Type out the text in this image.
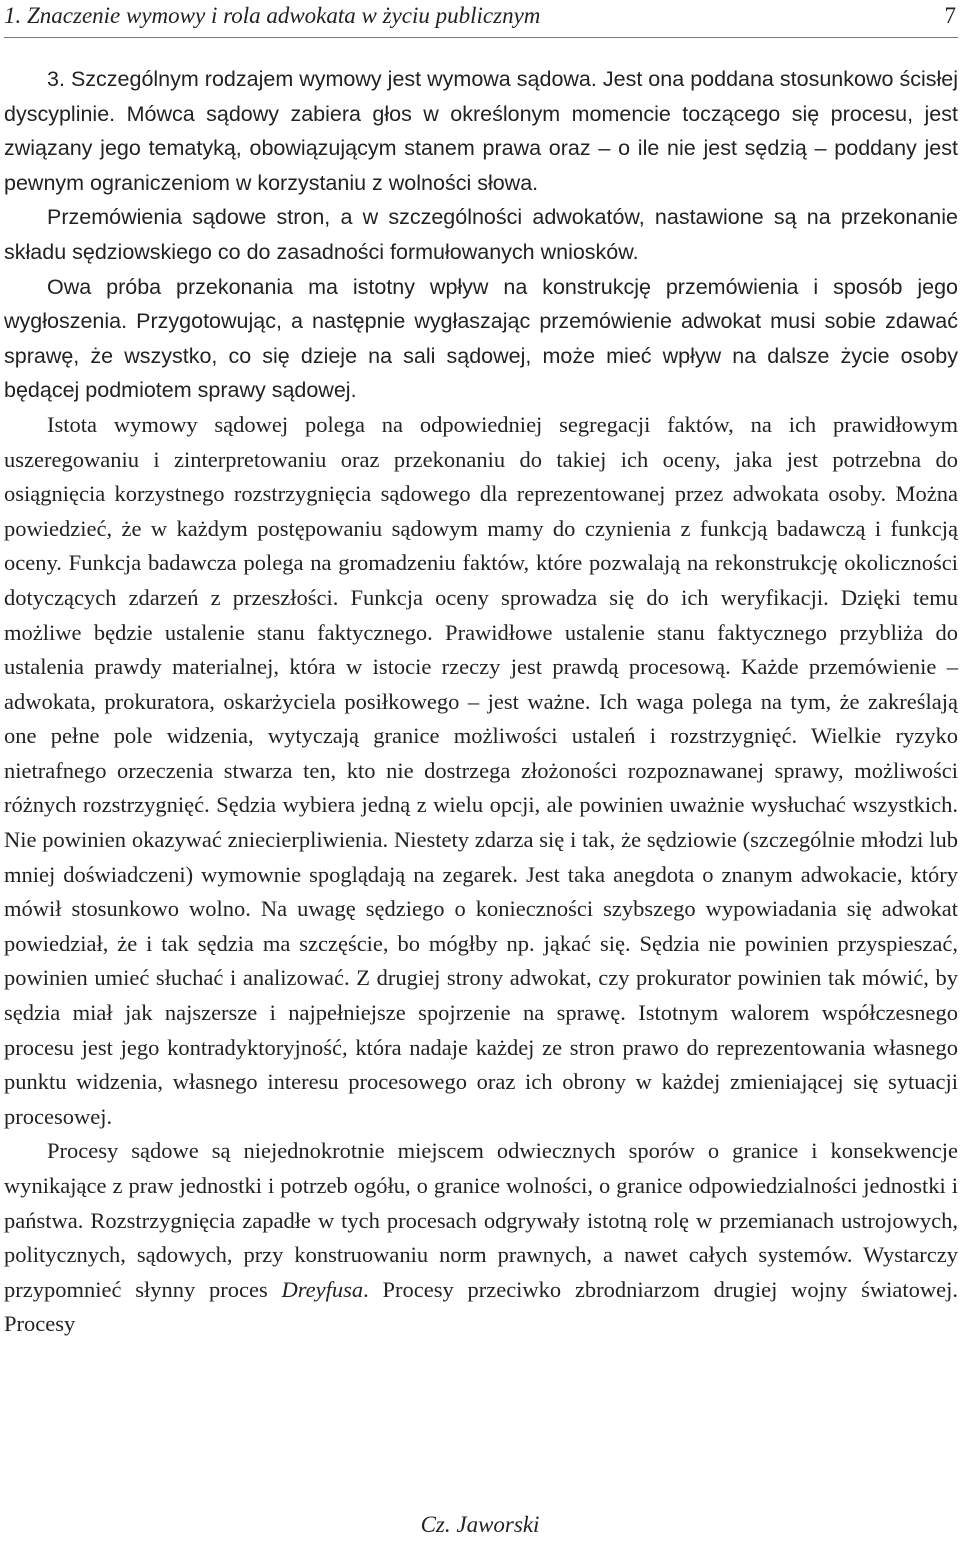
1. Znaczenie wymowy i rola adwokata w życiu publicznym	7

3. Szczególnym rodzajem wymowy jest wymowa sądowa. Jest ona poddana stosunkowo ścisłej dyscyplinie. Mówca sądowy zabiera głos w określonym momencie toczącego się procesu, jest związany jego tematyką, obowiązującym stanem prawa oraz – o ile nie jest sędzią – poddany jest pewnym ograniczeniom w korzystaniu z wolności słowa.

Przemówienia sądowe stron, a w szczególności adwokatów, nastawione są na przekonanie składu sędziowskiego co do zasadności formułowanych wniosków.

Owa próba przekonania ma istotny wpływ na konstrukcję przemówienia i sposób jego wygłoszenia. Przygotowując, a następnie wygłaszając przemówienie adwokat musi sobie zdawać sprawę, że wszystko, co się dzieje na sali sądowej, może mieć wpływ na dalsze życie osoby będącej podmiotem sprawy sądowej.

Istota wymowy sądowej polega na odpowiedniej segregacji faktów, na ich prawidłowym uszeregowaniu i zinterpretowaniu oraz przekonaniu do takiej ich oceny, jaka jest potrzebna do osiągnięcia korzystnego rozstrzygnięcia sądowego dla reprezentowanej przez adwokata osoby. Można powiedzieć, że w każdym postępowaniu sądowym mamy do czynienia z funkcją badawczą i funkcją oceny. Funkcja badawcza polega na gromadzeniu faktów, które pozwalają na rekonstrukcję okoliczności dotyczących zdarzeń z przeszłości. Funkcja oceny sprowadza się do ich weryfikacji. Dzięki temu możliwe będzie ustalenie stanu faktycznego. Prawidłowe ustalenie stanu faktycznego przybliża do ustalenia prawdy materialnej, która w istocie rzeczy jest prawdą procesową. Każde przemówienie – adwokata, prokuratora, oskarżyciela posiłkowego – jest ważne. Ich waga polega na tym, że zakreślają one pełne pole widzenia, wytyczają granice możliwości ustaleń i rozstrzygnięć. Wielkie ryzyko nietrafnego orzeczenia stwarza ten, kto nie dostrzega złożoności rozpoznawanej sprawy, możliwości różnych rozstrzygnięć. Sędzia wybiera jedną z wielu opcji, ale powinien uważnie wysłuchać wszystkich. Nie powinien okazywać zniecierpliwienia. Niestety zdarza się i tak, że sędziowie (szczególnie młodzi lub mniej doświadczeni) wymownie spoglądają na zegarek. Jest taka anegdota o znanym adwokacie, który mówił stosunkowo wolno. Na uwagę sędziego o konieczności szybszego wypowiadania się adwokat powiedział, że i tak sędzia ma szczęście, bo mógłby np. jąkać się. Sędzia nie powinien przyspieszać, powinien umieć słuchać i analizować. Z drugiej strony adwokat, czy prokurator powinien tak mówić, by sędzia miał jak najszersze i najpełniejsze spojrzenie na sprawę. Istotnym walorem współczesnego procesu jest jego kontradyktoryjność, która nadaje każdej ze stron prawo do reprezentowania własnego punktu widzenia, własnego interesu procesowego oraz ich obrony w każdej zmieniającej się sytuacji procesowej.

Procesy sądowe są niejednokrotnie miejscem odwiecznych sporów o granice i konsekwencje wynikające z praw jednostki i potrzeb ogółu, o granice wolności, o granice odpowiedzialności jednostki i państwa. Rozstrzygnięcia zapadłe w tych procesach odgrywały istotną rolę w przemianach ustrojowych, politycznych, sądowych, przy konstruowaniu norm prawnych, a nawet całych systemów. Wystarczy przypomnieć słynny proces Dreyfusa. Procesy przeciwko zbrodniarzom drugiej wojny światowej. Procesy

Cz. Jaworski
